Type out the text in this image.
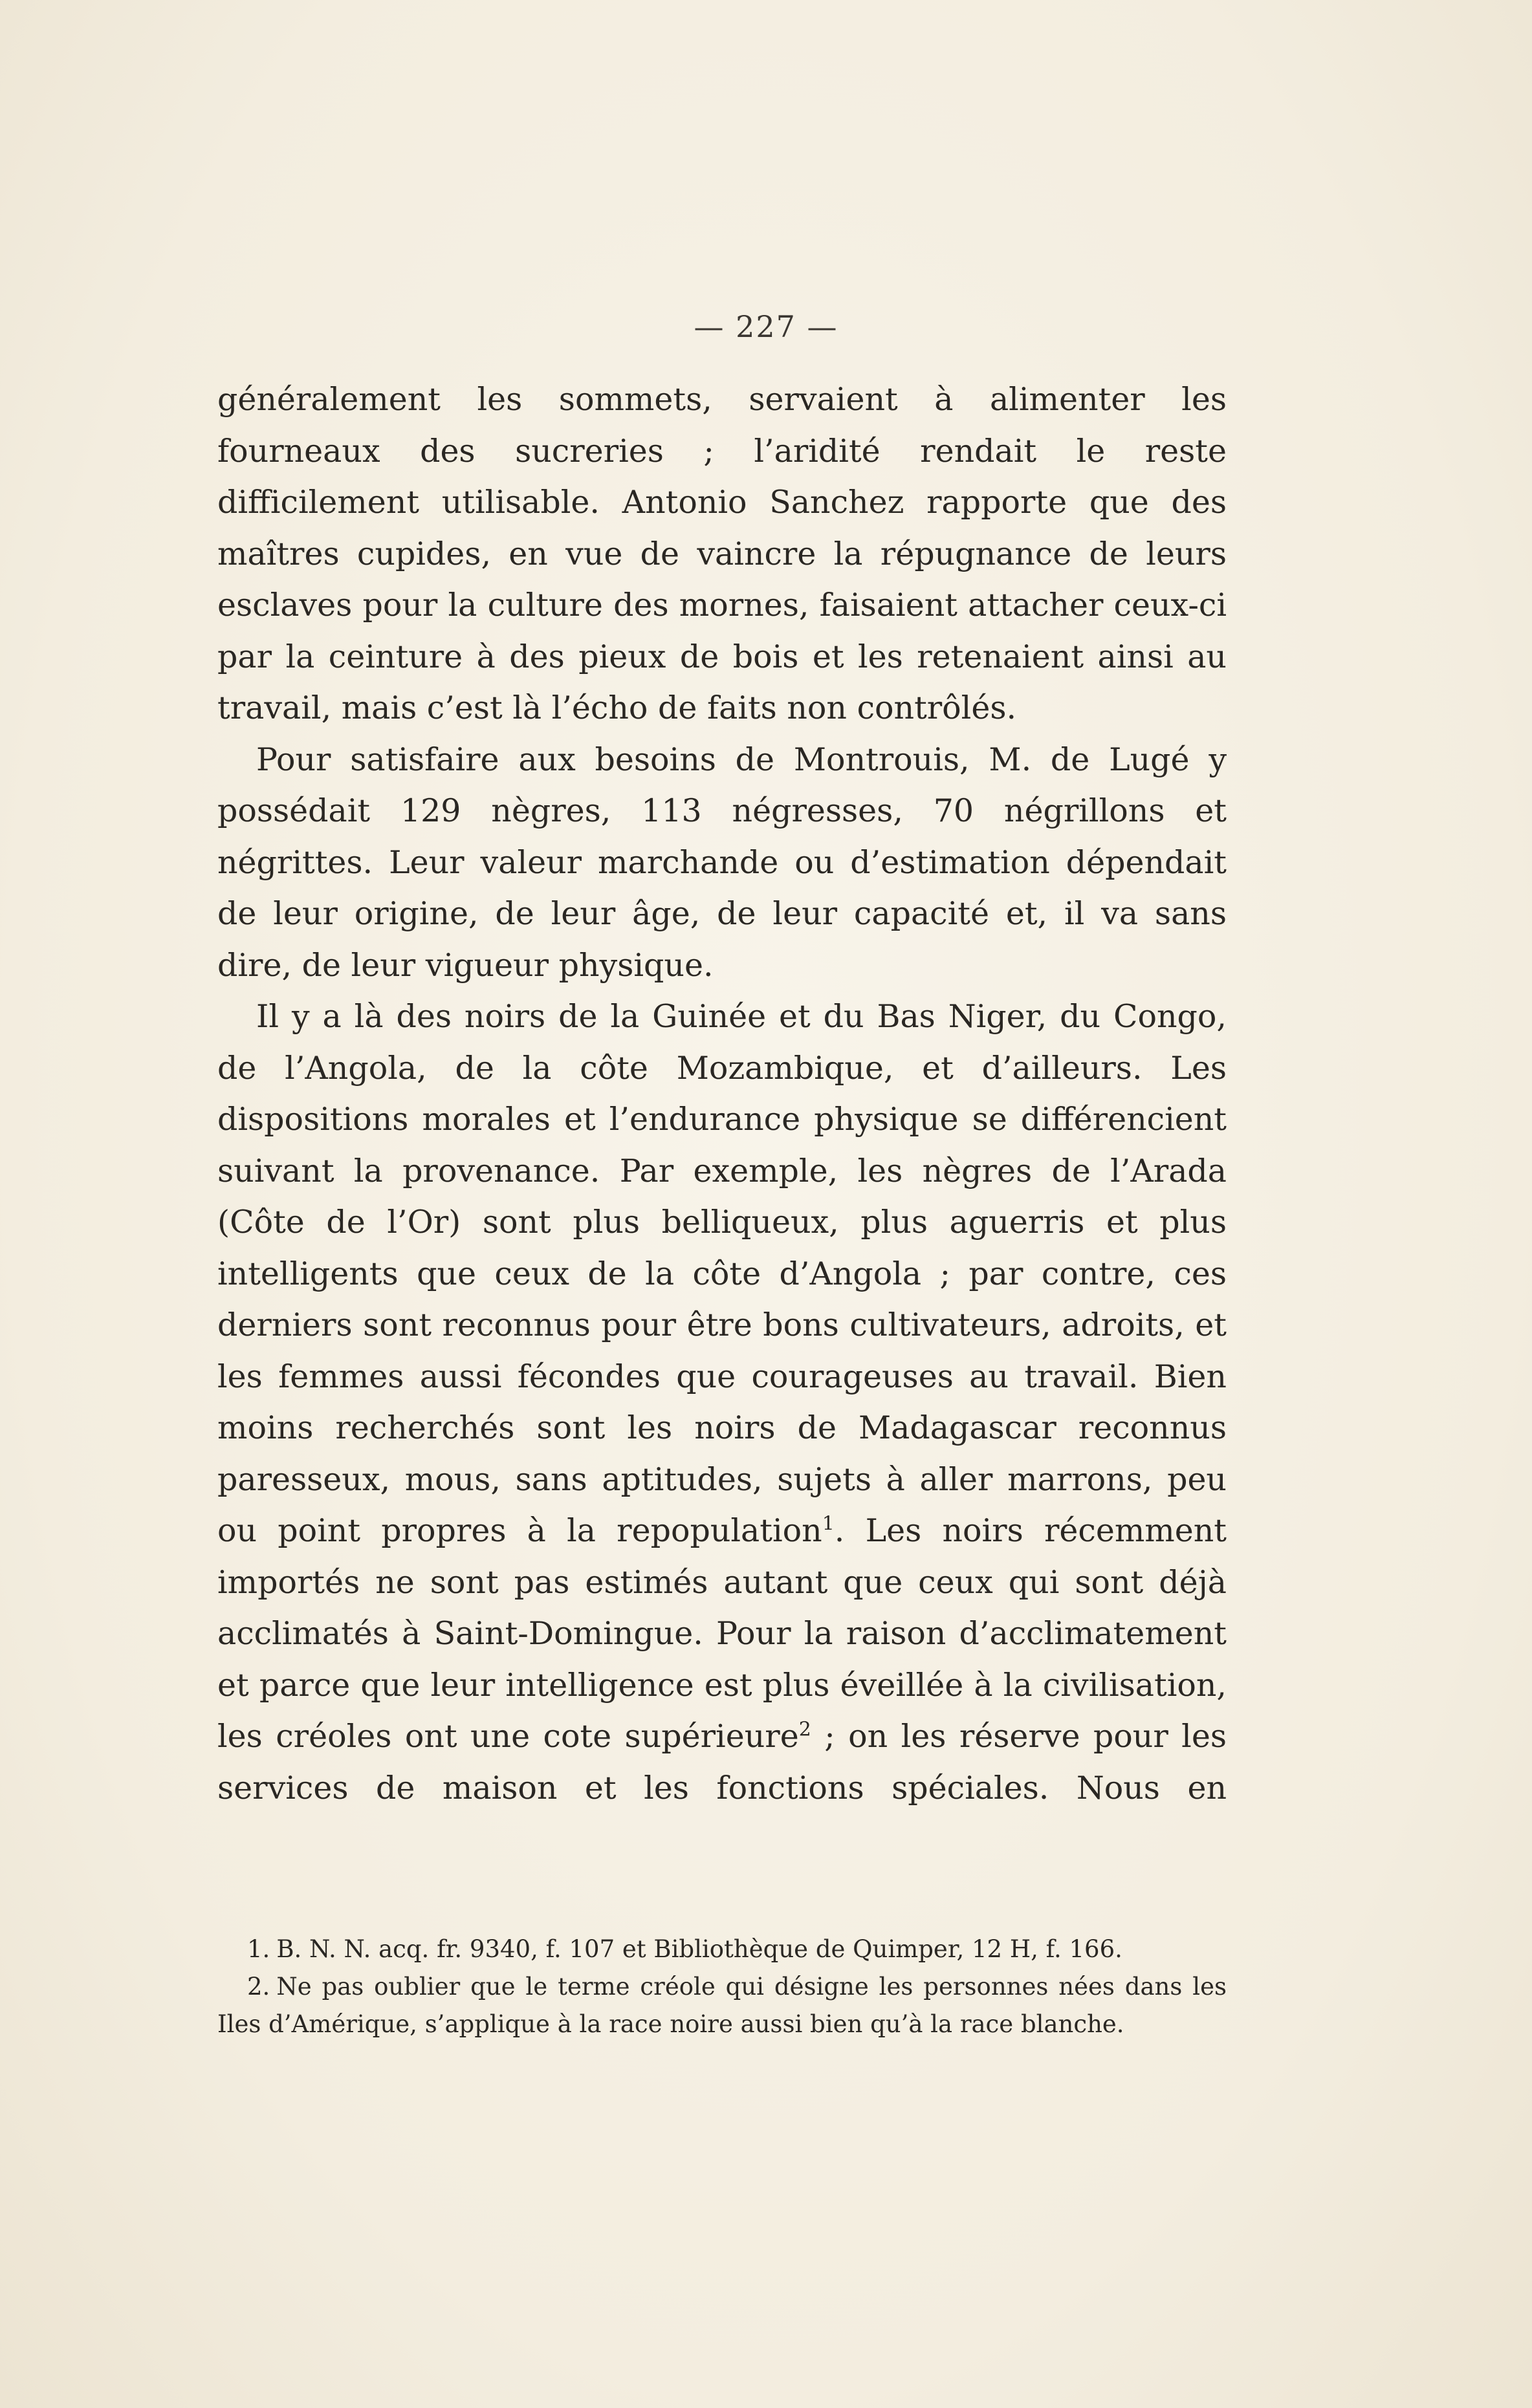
— 227 —

généralement les sommets, servaient à alimenter les fourneaux des sucreries ; l’aridité rendait le reste difficilement utilisable. Antonio Sanchez rapporte que des maîtres cupides, en vue de vaincre la répugnance de leurs esclaves pour la culture des mornes, faisaient attacher ceux-ci par la ceinture à des pieux de bois et les retenaient ainsi au travail, mais c’est là l’écho de faits non contrôlés.

Pour satisfaire aux besoins de Montrouis, M. de Lugé y possédait 129 nègres, 113 négresses, 70 négrillons et négrittes. Leur valeur marchande ou d’estimation dépendait de leur origine, de leur âge, de leur capacité et, il va sans dire, de leur vigueur physique.

Il y a là des noirs de la Guinée et du Bas Niger, du Congo, de l’Angola, de la côte Mozambique, et d’ailleurs. Les dispositions morales et l’endurance physique se différencient suivant la provenance. Par exemple, les nègres de l’Arada (Côte de l’Or) sont plus belliqueux, plus aguerris et plus intelligents que ceux de la côte d’Angola ; par contre, ces derniers sont reconnus pour être bons cultivateurs, adroits, et les femmes aussi fécondes que courageuses au travail. Bien moins recherchés sont les noirs de Madagascar reconnus paresseux, mous, sans aptitudes, sujets à aller marrons, peu ou point propres à la repopulation$^1$. Les noirs récemment importés ne sont pas estimés autant que ceux qui sont déjà acclimatés à Saint-Domingue. Pour la raison d’acclimatement et parce que leur intelligence est plus éveillée à la civilisation, les créoles ont une cote supérieure$^2$ ; on les réserve pour les services de maison et les fonctions spéciales. Nous en

1. B. N. N. acq. fr. 9340, f. 107 et Bibliothèque de Quimper, 12 H, f. 166.

2. Ne pas oublier que le terme créole qui désigne les personnes nées dans les Iles d’Amérique, s’applique à la race noire aussi bien qu’à la race blanche.
